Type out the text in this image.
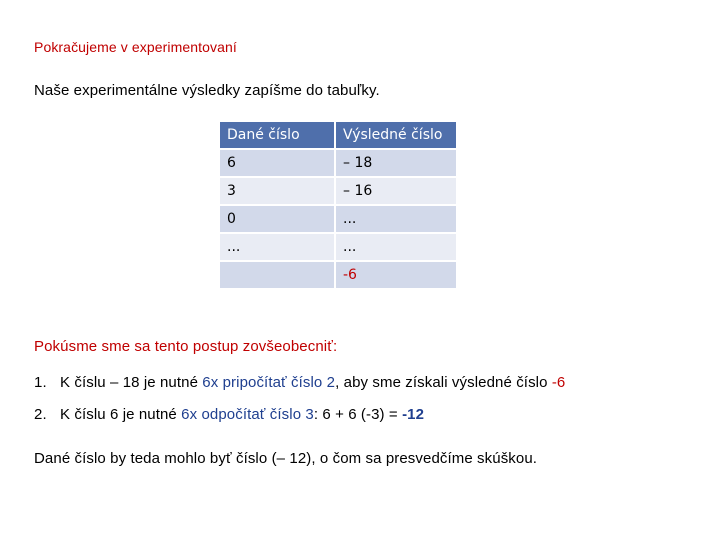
Pokračujeme v experimentovaní
Naše experimentálne výsledky zapíšme do tabuľky.
Dané číslo	Výsledné číslo
6	– 18
3	– 16
0	...
...	...
	-6
Pokúsme sme sa tento postup zovšeobecniť:
1. K číslu – 18 je nutné 6x pripočítať číslo 2, aby sme získali výsledné číslo -6
2. K číslu 6 je nutné 6x odpočítať číslo 3: 6 + 6 (-3) = -12
Dané číslo by teda mohlo byť číslo (– 12), o čom sa presvedčíme skúškou.
